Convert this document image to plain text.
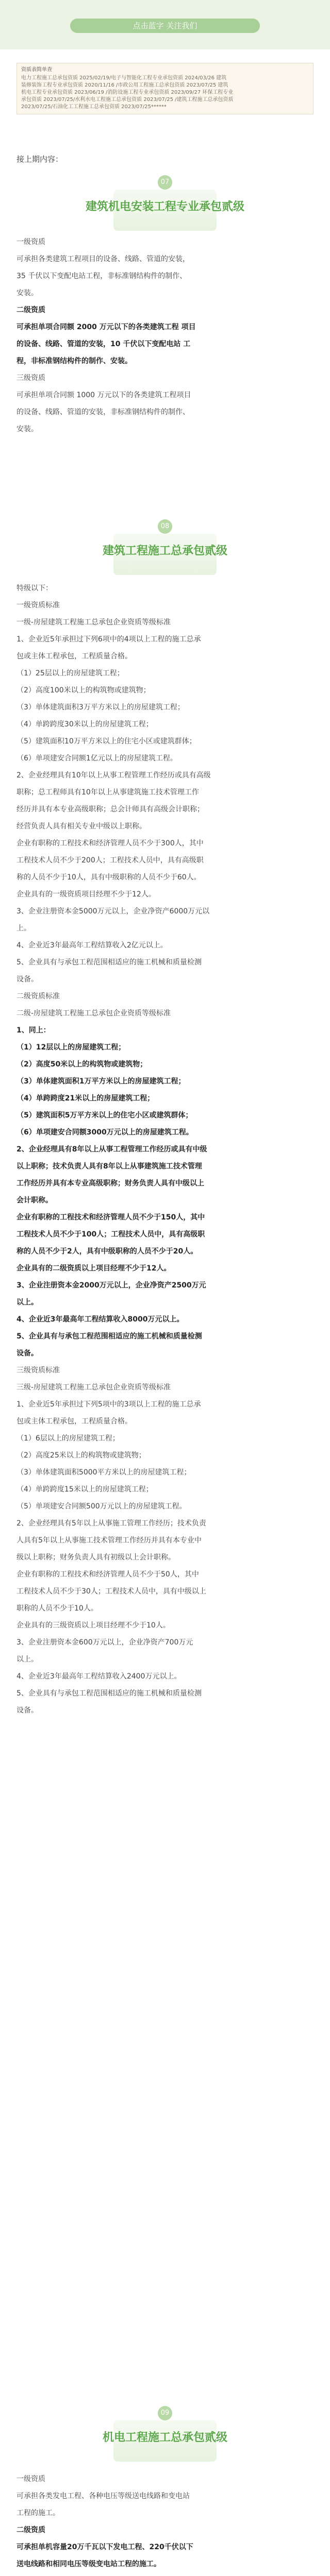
点击蓝字 关注我们
资质表简单查
电力工程施工总承包资质 2025/02/19/电子与智能化工程专业承包资质 2024/03/26 建筑
装修装饰工程专业承包资质 2020/11/16 /市政公用工程施工总承包资质 2023/07/25 建筑
机电工程专业承包资质 2023/06/19 /消防设施工程专业承包资质 2023/09/27 环保工程专业
承包资质 2023/07/25/水利水电工程施工总承包资质 2023/07/25 /建筑工程施工总承包资质
2023/07/25/石油化工工程施工总承包资质 2023/07/25******
接上期内容：
07
建筑机电安装工程专业承包贰级
一级资质
可承担各类建筑工程项目的设备、线路、管道的安装，
35 千伏以下变配电站工程，非标准钢结构件的制作、
安装。
二级资质
可承担单项合同额 2000 万元以下的各类建筑工程 项目
的设备、线路、管道的安装，10 千伏以下变配电站 工
程，非标准钢结构件的制作、安装。
三级资质
可承担单项合同额 1000 万元以下的各类建筑工程项目
的设备、线路、管道的安装，非标准钢结构件的制作、
安装。
08
建筑工程施工总承包贰级
特级以下：
一级资质标准
一级-房屋建筑工程施工总承包企业资质等级标准
1、企业近5年承担过下列6项中的4项以上工程的施工总承
包或主体工程承包，工程质量合格。
（1）25层以上的房屋建筑工程；
（2）高度100米以上的构筑物或建筑物；
（3）单体建筑面积3万平方米以上的房屋建筑工程；
（4）单跨跨度30米以上的房屋建筑工程；
（5）建筑面积10万平方米以上的住宅小区或建筑群体；
（6）单项建安合同额1亿元以上的房屋建筑工程。
2、企业经理具有10年以上从事工程管理工作经历或具有高级
职称；总工程师具有10年以上从事建筑施工技术管理工作
经历并具有本专业高级职称；总会计师具有高级会计职称；
经营负责人具有相关专业中级以上职称。
企业有职称的工程技术和经济管理人员不少于300人，其中
工程技术人员不少于200人；工程技术人员中，具有高级职
称的人员不少于10人，具有中级职称的人员不少于60人。
企业具有的一级资质项目经理不少于12人。
3、企业注册资本金5000万元以上，企业净资产6000万元以
上。
4、企业近3年最高年工程结算收入2亿元以上。
5、企业具有与承包工程范围相适应的施工机械和质量检测
设备。
二级资质标准
二级-房屋建筑工程施工总承包企业资质等级标准
1、同上：
（1）12层以上的房屋建筑工程；
（2）高度50米以上的构筑物或建筑物；
（3）单体建筑面积1万平方米以上的房屋建筑工程；
（4）单跨跨度21米以上的房屋建筑工程；
（5）建筑面积5万平方米以上的住宅小区或建筑群体；
（6）单项建安合同额3000万元以上的房屋建筑工程。
2、企业经理具有8年以上从事工程管理工作经历或具有中级
以上职称；技术负责人具有8年以上从事建筑施工技术管理
工作经历并具有本专业高级职称；财务负责人具有中级以上
会计职称。
企业有职称的工程技术和经济管理人员不少于150人，其中
工程技术人员不少于100人；工程技术人员中，具有高级职
称的人员不少于2人，具有中级职称的人员不少于20人。
企业具有的二级资质以上项目经理不少于12人。
3、企业注册资本金2000万元以上，企业净资产2500万元
以上。
4、企业近3年最高年工程结算收入8000万元以上。
5、企业具有与承包工程范围相适应的施工机械和质量检测
设备。
三级资质标准
三级-房屋建筑工程施工总承包企业资质等级标准
1、企业近5年承担过下列5项中的3项以上工程的施工总承
包或主体工程承包，工程质量合格。
（1）6层以上的房屋建筑工程；
（2）高度25米以上的构筑物或建筑物；
（3）单体建筑面积5000平方米以上的房屋建筑工程；
（4）单跨跨度15米以上的房屋建筑工程；
（5）单项建安合同额500万元以上的房屋建筑工程。
2、企业经理具有5年以上从事施工管理工作经历；技术负责
人具有5年以上从事施工技术管理工作经历并具有本专业中
级以上职称；财务负责人具有初级以上会计职称。
企业有职称的工程技术和经济管理人员不少于50人，其中
工程技术人员不少于30人；工程技术人员中，具有中级以上
职称的人员不少于10人。
企业具有的三级资质以上项目经理不少于10人。
3、企业注册资本金600万元以上，企业净资产700万元
以上。
4、企业近3年最高年工程结算收入2400万元以上。
5、企业具有与承包工程范围相适应的施工机械和质量检测
设备。
09
机电工程施工总承包贰级
一级资质
可承担各类发电工程、各种电压等级送电线路和变电站
工程的施工。
二级资质
可承担单机容量20万千瓦以下发电工程、220千伏以下
送电线路和相同电压等级变电站工程的施工。
